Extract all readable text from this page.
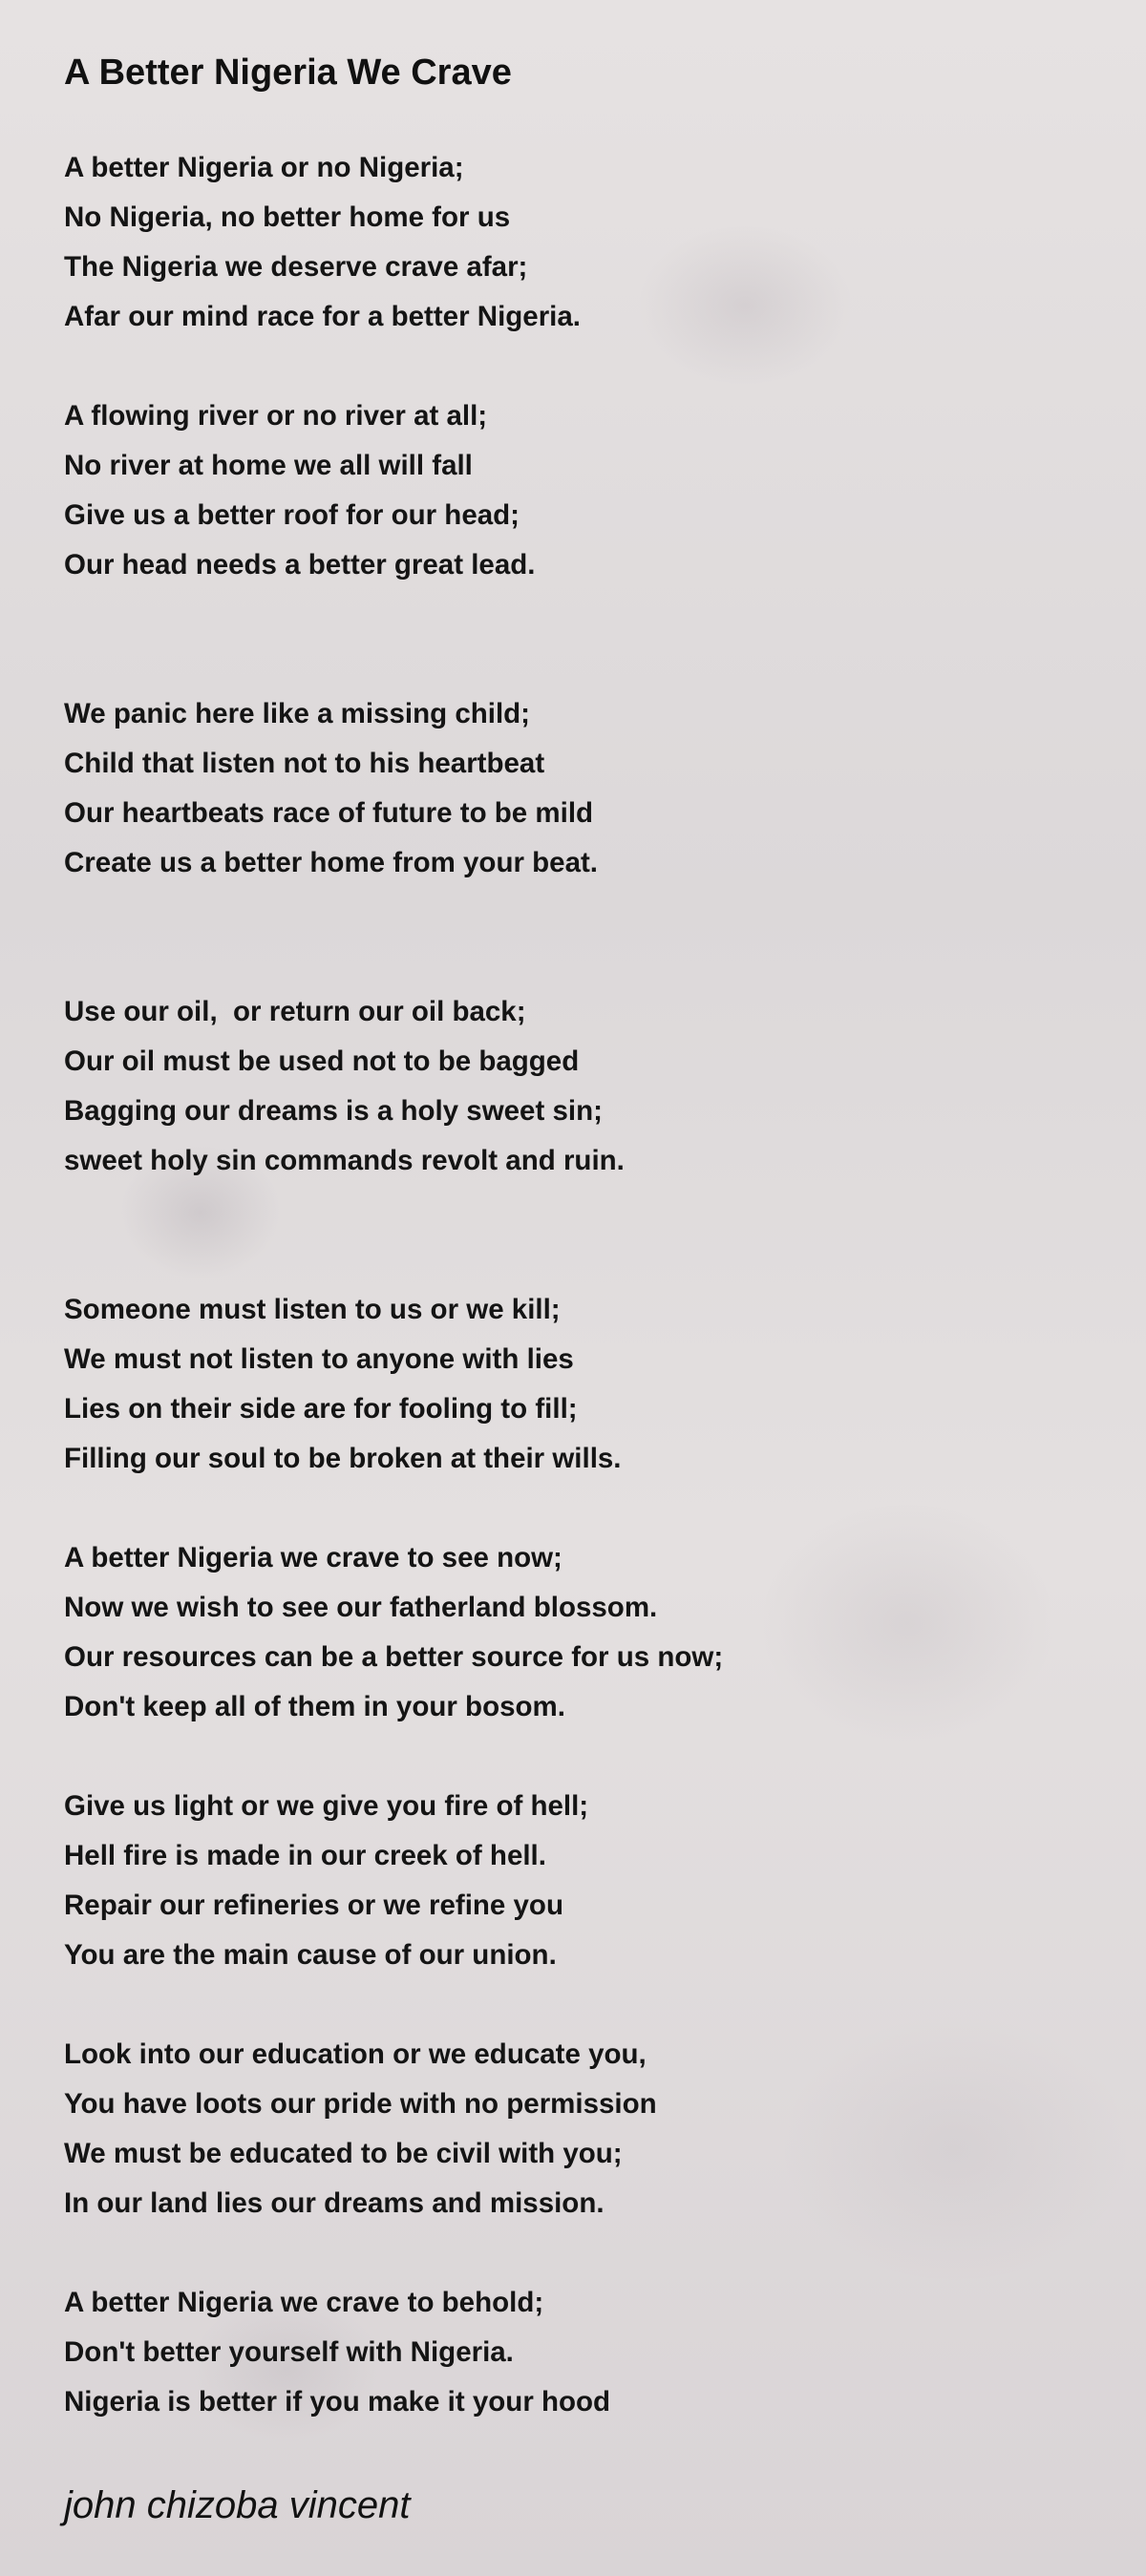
A Better Nigeria We Crave
A better Nigeria or no Nigeria;
No Nigeria, no better home for us
The Nigeria we deserve crave afar;
Afar our mind race for a better Nigeria.
A flowing river or no river at all;
No river at home we all will fall
Give us a better roof for our head;
Our head needs a better great lead.
We panic here like a missing child;
Child that listen not to his heartbeat
Our heartbeats race of future to be mild
Create us a better home from your beat.
Use our oil,  or return our oil back;
Our oil must be used not to be bagged
Bagging our dreams is a holy sweet sin;
sweet holy sin commands revolt and ruin.
Someone must listen to us or we kill;
We must not listen to anyone with lies
Lies on their side are for fooling to fill;
Filling our soul to be broken at their wills.
A better Nigeria we crave to see now;
Now we wish to see our fatherland blossom.
Our resources can be a better source for us now;
Don't keep all of them in your bosom.
Give us light or we give you fire of hell;
Hell fire is made in our creek of hell.
Repair our refineries or we refine you
You are the main cause of our union.
Look into our education or we educate you,
You have loots our pride with no permission
We must be educated to be civil with you;
In our land lies our dreams and mission.
A better Nigeria we crave to behold;
Don't better yourself with Nigeria.
Nigeria is better if you make it your hood

john chizoba vincent
